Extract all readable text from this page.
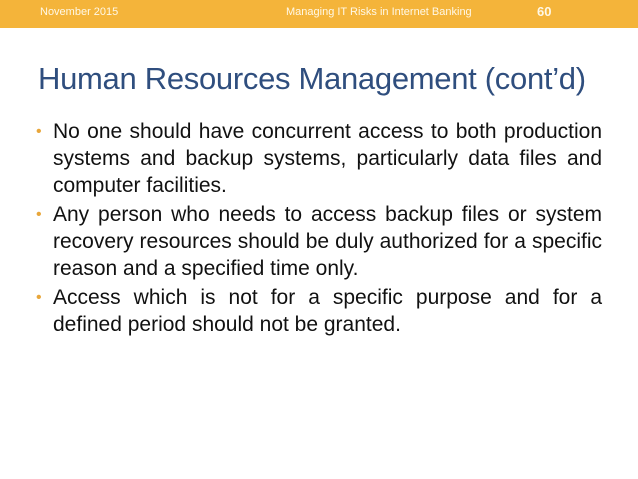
November 2015	Managing IT Risks in Internet Banking	60
Human Resources Management (cont’d)
• No one should have concurrent access to both production systems and backup systems, particularly data files and computer facilities.
• Any person who needs to access backup files or system recovery resources should be duly authorized for a specific reason and a specified time only.
• Access which is not for a specific purpose and for a defined period should not be granted.
